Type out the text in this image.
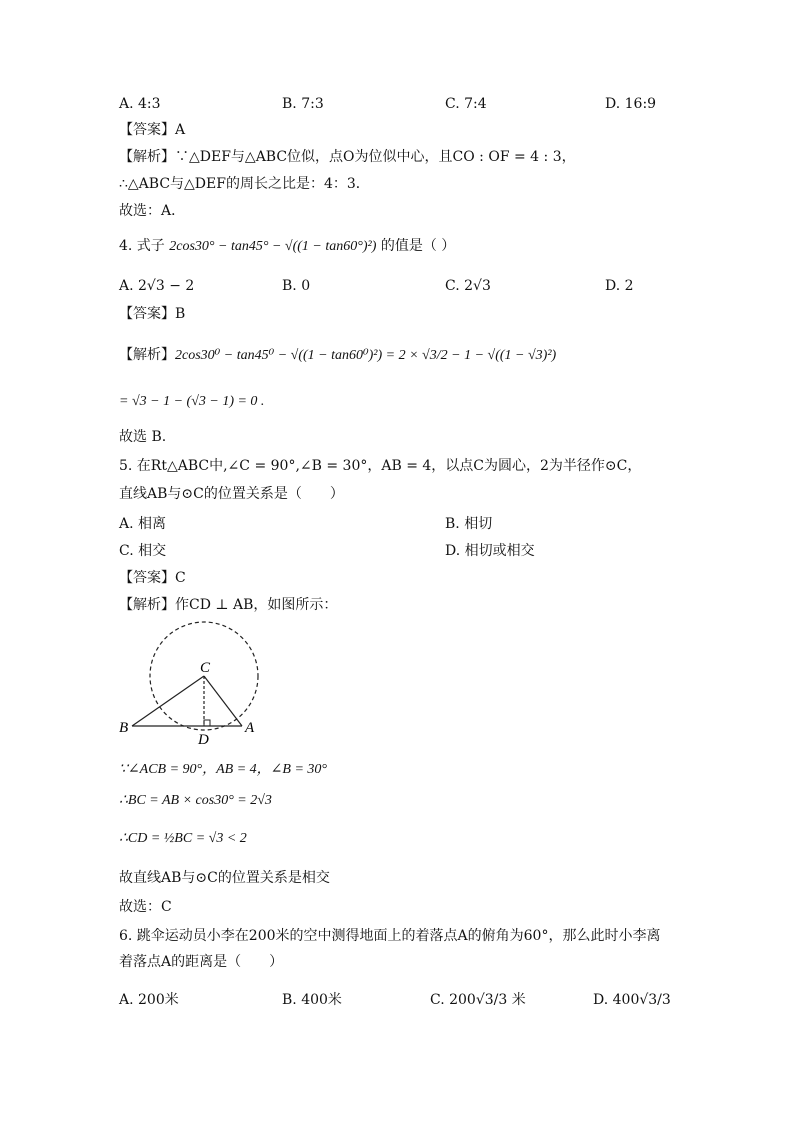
A. 4:3	B. 7:3	C. 7:4	D. 16:9
【答案】A
【解析】∵△DEF与△ABC位似，点O为位似中心，且CO : OF = 4 : 3，
∴△ABC与△DEF的周长之比是：4：3．
故选：A．
4. 式子 2cos30° − tan45° − √((1 − tan60°)²) 的值是（ ）
A. 2√3 − 2	B. 0	C. 2√3	D. 2
【答案】B
【解析】2cos30⁰ − tan45⁰ − √((1 − tan60⁰)²) = 2 × √3/2 − 1 − √((1 − √3)²)
= √3 − 1 − (√3 − 1) = 0 .
故选 B.
5. 在Rt△ABC中,∠C = 90°,∠B = 30°，AB = 4，以点C为圆心，2为半径作⊙C，
直线AB与⊙C的位置关系是（　　）
A. 相离	B. 相切
C. 相交	D. 相切或相交
【答案】C
【解析】作CD ⊥ AB，如图所示：
C
B
D
A
∵∠ACB = 90°，AB = 4，∠B = 30°
∴BC = AB × cos30° = 2√3
∴CD = ½BC = √3 < 2
故直线AB与⊙C的位置关系是相交
故选：C
6. 跳伞运动员小李在200米的空中测得地面上的着落点A的俯角为60°，那么此时小李离
着落点A的距离是（　　）
A. 200米	B. 400米	C. 200√3/3 米	D. 400√3/3
